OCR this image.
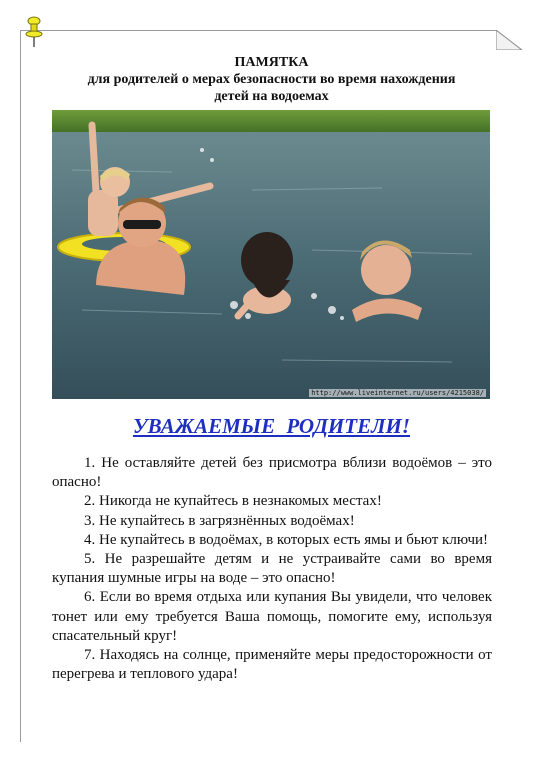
ПАМЯТКА
для родителей о мерах безопасности во время нахождения
детей на водоемах
http://www.liveinternet.ru/users/4215038/
УВАЖАЕМЫЕ РОДИТЕЛИ!

1. Не оставляйте детей без присмотра вблизи водоёмов – это опасно!

2. Никогда не купайтесь в незнакомых местах!

3. Не купайтесь в загрязнённых водоёмах!

4. Не купайтесь в водоёмах, в которых есть ямы и бьют ключи!

5. Не разрешайте детям и не устраивайте сами во время купания шумные игры на воде – это опасно!

6. Если во время отдыха или купания Вы увидели, что человек тонет или ему требуется Ваша помощь, помогите ему, используя спасательный круг!

7. Находясь на солнце, применяйте меры предосторожности от перегрева и теплового удара!
